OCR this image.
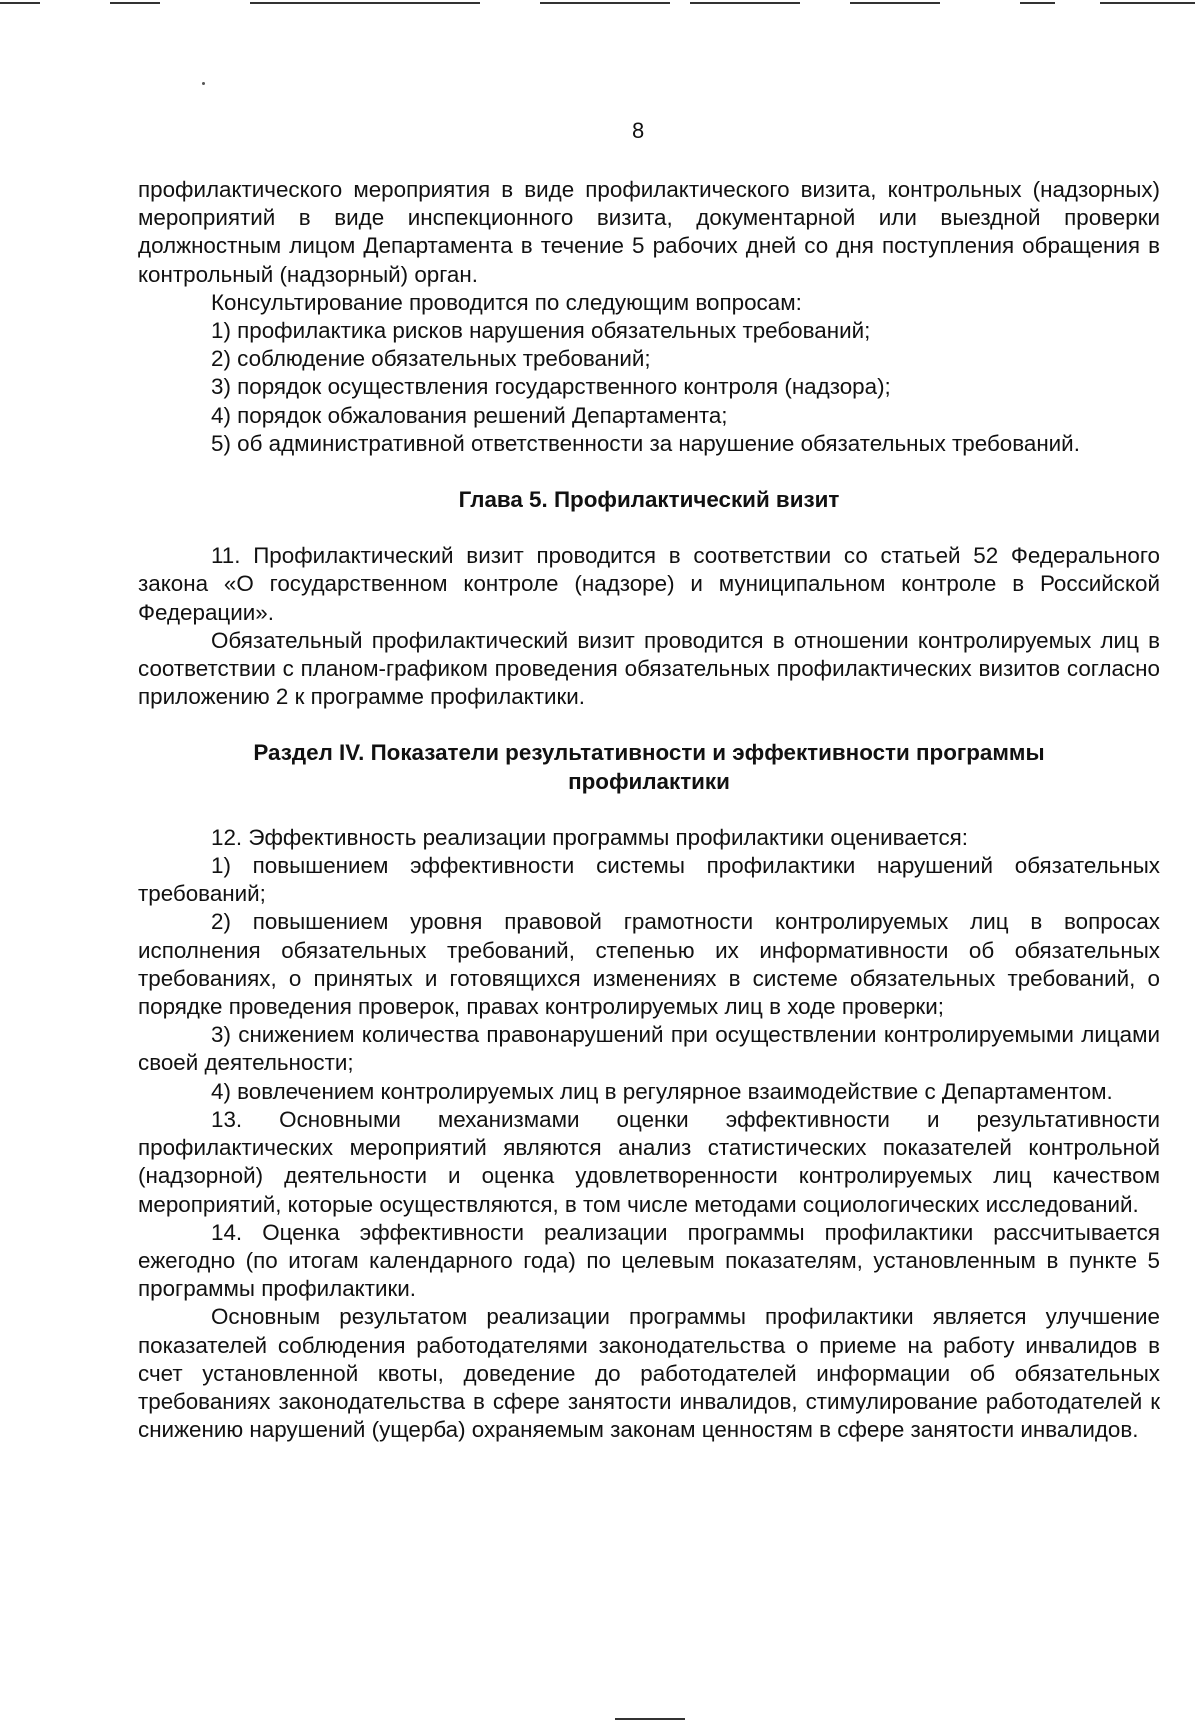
8

профилактического мероприятия в виде профилактического визита, контрольных (надзорных) мероприятий в виде инспекционного визита, документарной или выездной проверки должностным лицом Департамента в течение 5 рабочих дней со дня поступления обращения в контрольный (надзорный) орган.

Консультирование проводится по следующим вопросам:

1) профилактика рисков нарушения обязательных требований;

2) соблюдение обязательных требований;

3) порядок осуществления государственного контроля (надзора);

4) порядок обжалования решений Департамента;

5) об административной ответственности за нарушение обязательных требований.

Глава 5. Профилактический визит

11. Профилактический визит проводится в соответствии со статьей 52 Федерального закона «О государственном контроле (надзоре) и муниципальном контроле в Российской Федерации».

Обязательный профилактический визит проводится в отношении контролируемых лиц в соответствии с планом-графиком проведения обязательных профилактических визитов согласно приложению 2 к программе профилактики.

Раздел IV. Показатели результативности и эффективности программы

профилактики

12. Эффективность реализации программы профилактики оценивается:

1) повышением эффективности системы профилактики нарушений обязательных требований;

2) повышением уровня правовой грамотности контролируемых лиц в вопросах исполнения обязательных требований, степенью их информативности об обязательных требованиях, о принятых и готовящихся изменениях в системе обязательных требований, о порядке проведения проверок, правах контролируемых лиц в ходе проверки;

3) снижением количества правонарушений при осуществлении контролируемыми лицами своей деятельности;

4) вовлечением контролируемых лиц в регулярное взаимодействие с Департаментом.

13. Основными механизмами оценки эффективности и результативности профилактических мероприятий являются анализ статистических показателей контрольной (надзорной) деятельности и оценка удовлетворенности контролируемых лиц качеством мероприятий, которые осуществляются, в том числе методами социологических исследований.

14. Оценка эффективности реализации программы профилактики рассчитывается ежегодно (по итогам календарного года) по целевым показателям, установленным в пункте 5 программы профилактики.

Основным результатом реализации программы профилактики является улучшение показателей соблюдения работодателями законодательства о приеме на работу инвалидов в счет установленной квоты, доведение до работодателей информации об обязательных требованиях законодательства в сфере занятости инвалидов, стимулирование работодателей к снижению нарушений (ущерба) охраняемым законам ценностям в сфере занятости инвалидов.
